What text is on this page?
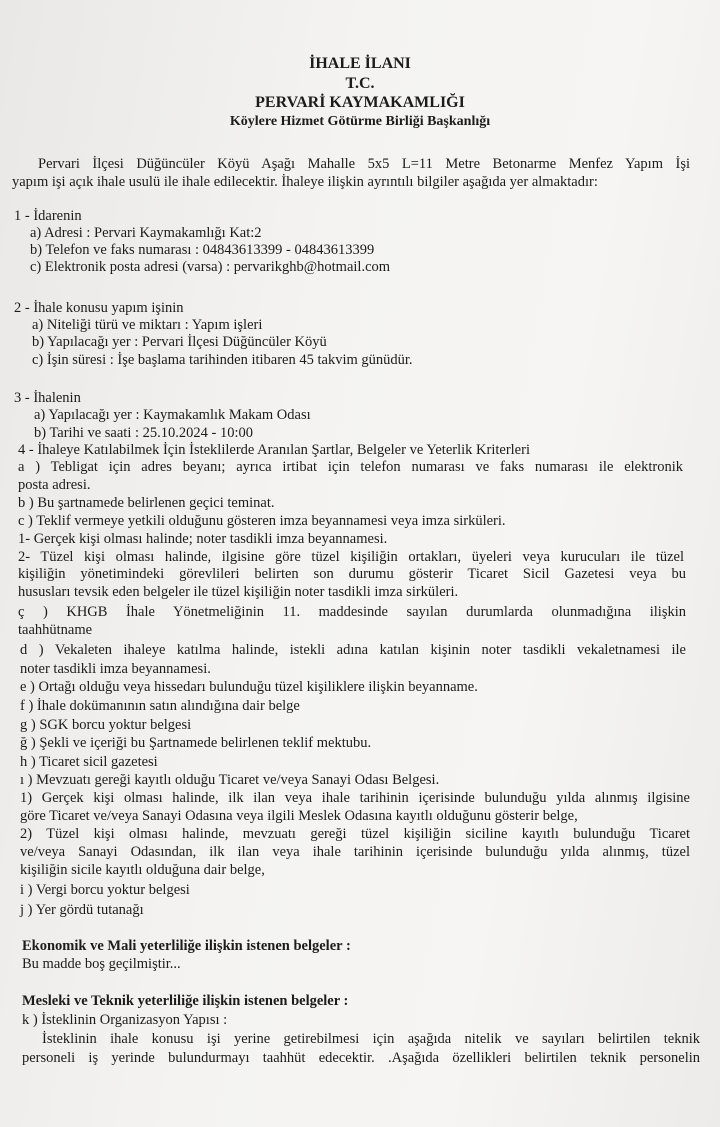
İHALE İLANI
T.C.
PERVARİ KAYMAKAMLIĞI
Köylere Hizmet Götürme Birliği Başkanlığı
Pervari İlçesi Düğüncüler Köyü Aşağı Mahalle 5x5 L=11 Metre Betonarme Menfez Yapım İşi
yapım işi açık ihale usulü ile ihale edilecektir. İhaleye ilişkin ayrıntılı bilgiler aşağıda yer almaktadır:
1 - İdarenin
a) Adresi : Pervari Kaymakamlığı Kat:2
b) Telefon ve faks numarası : 04843613399 - 04843613399
c) Elektronik posta adresi (varsa) : pervarikghb@hotmail.com
2 - İhale konusu yapım işinin
a) Niteliği türü ve miktarı : Yapım işleri
b) Yapılacağı yer : Pervari İlçesi Düğüncüler Köyü
c) İşin süresi : İşe başlama tarihinden itibaren 45 takvim günüdür.
3 - İhalenin
a) Yapılacağı yer : Kaymakamlık Makam Odası
b) Tarihi ve saati : 25.10.2024 - 10:00
4 - İhaleye Katılabilmek İçin İsteklilerde Aranılan Şartlar, Belgeler ve Yeterlik Kriterleri
a ) Tebligat için adres beyanı; ayrıca irtibat için telefon numarası ve faks numarası ile elektronik
posta adresi.
b ) Bu şartnamede belirlenen geçici teminat.
c ) Teklif vermeye yetkili olduğunu gösteren imza beyannamesi veya imza sirküleri.
1- Gerçek kişi olması halinde; noter tasdikli imza beyannamesi.
2- Tüzel kişi olması halinde, ilgisine göre tüzel kişiliğin ortakları, üyeleri veya kurucuları ile tüzel
kişiliğin yönetimindeki görevlileri belirten son durumu gösterir Ticaret Sicil Gazetesi veya bu
hususları tevsik eden belgeler ile tüzel kişiliğin noter tasdikli imza sirküleri.
ç ) KHGB İhale Yönetmeliğinin 11. maddesinde sayılan durumlarda olunmadığına ilişkin
taahhütname
d ) Vekaleten ihaleye katılma halinde, istekli adına katılan kişinin noter tasdikli vekaletnamesi ile
noter tasdikli imza beyannamesi.
e ) Ortağı olduğu veya hissedarı bulunduğu tüzel kişiliklere ilişkin beyanname.
f ) İhale dokümanının satın alındığına dair belge
g ) SGK borcu yoktur belgesi
ğ ) Şekli ve içeriği bu Şartnamede belirlenen teklif mektubu.
h ) Ticaret sicil gazetesi
ı ) Mevzuatı gereği kayıtlı olduğu Ticaret ve/veya Sanayi Odası Belgesi.
1) Gerçek kişi olması halinde, ilk ilan veya ihale tarihinin içerisinde bulunduğu yılda alınmış ilgisine
göre Ticaret ve/veya Sanayi Odasına veya ilgili Meslek Odasına kayıtlı olduğunu gösterir belge,
2) Tüzel kişi olması halinde, mevzuatı gereği tüzel kişiliğin siciline kayıtlı bulunduğu Ticaret
ve/veya Sanayi Odasından, ilk ilan veya ihale tarihinin içerisinde bulunduğu yılda alınmış, tüzel
kişiliğin sicile kayıtlı olduğuna dair belge,
i ) Vergi borcu yoktur belgesi
j ) Yer gördü tutanağı
Ekonomik ve Mali yeterliliğe ilişkin istenen belgeler :
Bu madde boş geçilmiştir...
Mesleki ve Teknik yeterliliğe ilişkin istenen belgeler :
k ) İsteklinin Organizasyon Yapısı :
İsteklinin ihale konusu işi yerine getirebilmesi için aşağıda nitelik ve sayıları belirtilen teknik
personeli iş yerinde bulundurmayı taahhüt edecektir. .Aşağıda özellikleri belirtilen teknik personelin
